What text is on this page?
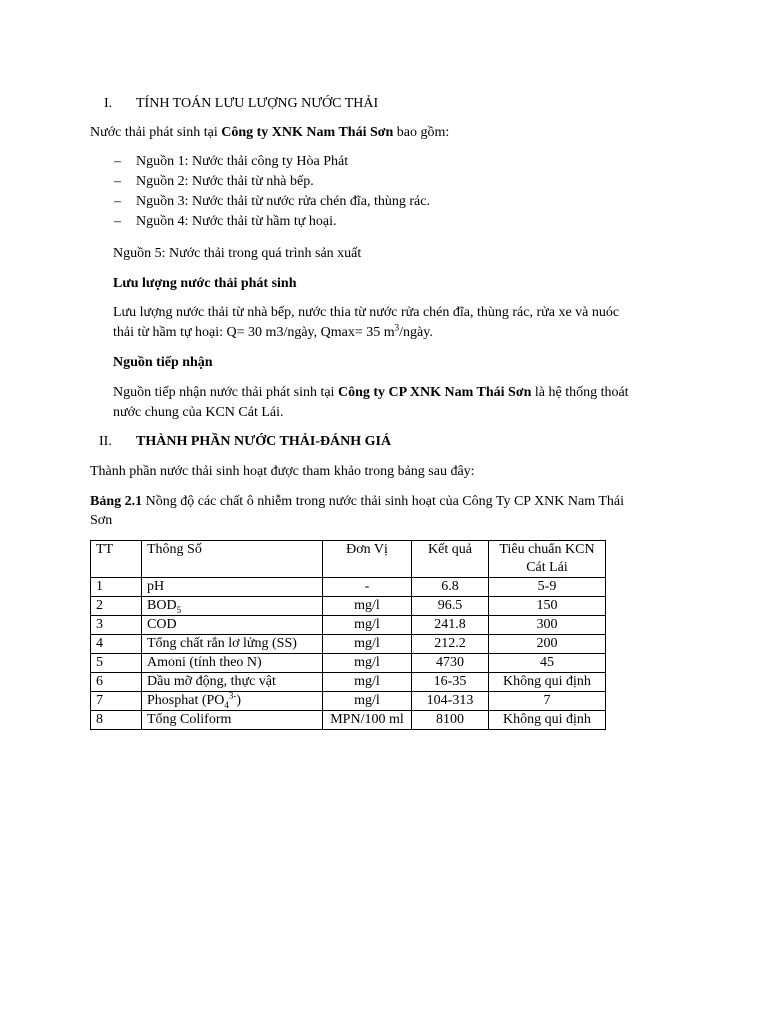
I. TÍNH TOÁN LƯU LƯỢNG NƯỚC THẢI

Nước thải phát sinh tại Công ty XNK Nam Thái Sơn bao gồm:

– Nguồn 1: Nước thải công ty Hòa Phát
– Nguồn 2: Nước thải từ nhà bếp.
– Nguồn 3: Nước thải từ nước rửa chén đĩa, thùng rác.
– Nguồn 4: Nước thải từ hầm tự hoại.

Nguồn 5: Nước thải trong quá trình sản xuất

Lưu lượng nước thải phát sinh

Lưu lượng nước thải từ nhà bếp, nước thia từ nước rửa chén đĩa, thùng rác, rửa xe và nuóc

thải từ hầm tự hoại: Q= 30 m3/ngày, Qmax= 35 $m^3$/ngày.

Nguồn tiếp nhận

Nguồn tiếp nhận nước thải phát sinh tại Công ty CP XNK Nam Thái Sơn là hệ thống thoát

nước chung của KCN Cát Lái.

II. THÀNH PHẦN NƯỚC THẢI-ĐÁNH GIÁ

Thành phần nước thải sinh hoạt được tham khảo trong bảng sau đây:

Bảng 2.1 Nồng độ các chất ô nhiễm trong nước thải sinh hoạt của Công Ty CP XNK Nam Thái

Sơn

TT	Thông Số	Đơn Vị	Kết quả	Tiêu chuẩn KCN
Cát Lái

1	pH	-	6.8	5-9
2	$BOD_5$	mg/l	96.5	150
3	COD	mg/l	241.8	300
4	Tổng chất rắn lơ lửng (SS)	mg/l	212.2	200
5	Amoni (tính theo N)	mg/l	4730	45
6	Dầu mỡ động, thực vật	mg/l	16-35	Không qui định
7	Phosphat $(PO_4^{3-})$	mg/l	104-313	7
8	Tổng Coliform	MPN/100 ml	8100	Không qui định
